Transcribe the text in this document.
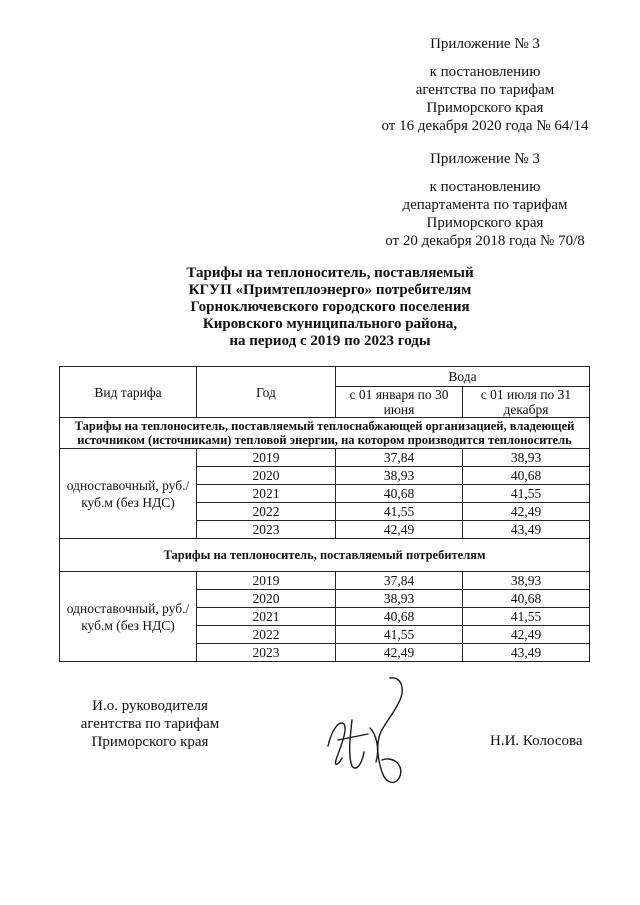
Приложение № 3
к постановлению
агентства по тарифам
Приморского края
от 16 декабря 2020 года № 64/14
Приложение № 3
к постановлению
департамента по тарифам
Приморского края
от 20 декабря 2018 года № 70/8
Тарифы на теплоноситель, поставляемый
КГУП «Примтеплоэнерго» потребителям
Горноключевского городского поселения
Кировского муниципального района,
на период с 2019 по 2023 годы
Вид тарифа	Год	Вода	
		с 01 января по 30 июня	с 01 июля по 31 декабря
Тарифы на теплоноситель, поставляемый теплоснабжающей организацией, владеющей источником (источниками) тепловой энергии, на котором производится теплоноситель			
одноставочный, руб./куб.м (без НДС)	2019	37,84	38,93
	2020	38,93	40,68
	2021	40,68	41,55
	2022	41,55	42,49
	2023	42,49	43,49
Тарифы на теплоноситель, поставляемый потребителям			
одноставочный, руб./куб.м (без НДС)	2019	37,84	38,93
	2020	38,93	40,68
	2021	40,68	41,55
	2022	41,55	42,49
	2023	42,49	43,49
И.о. руководителя
агентства по тарифам
Приморского края	Н.И. Колосова
